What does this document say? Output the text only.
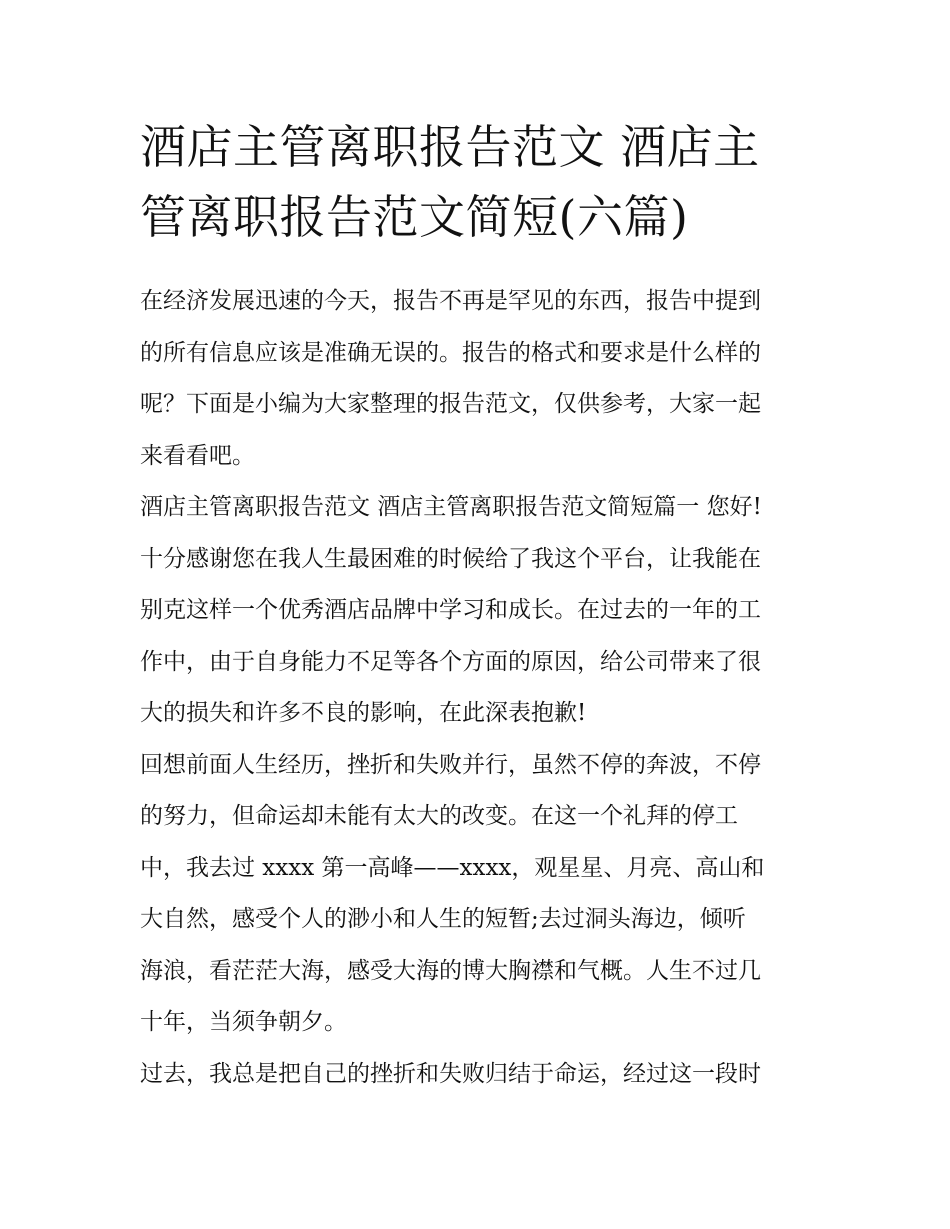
酒店主管离职报告范文 酒店主
管离职报告范文简短(六篇)
在经济发展迅速的今天，报告不再是罕见的东西，报告中提到
的所有信息应该是准确无误的。报告的格式和要求是什么样的
呢？下面是小编为大家整理的报告范文，仅供参考，大家一起
来看看吧。
酒店主管离职报告范文 酒店主管离职报告范文简短篇一 您好!
十分感谢您在我人生最困难的时候给了我这个平台，让我能在
别克这样一个优秀酒店品牌中学习和成长。在过去的一年的工
作中，由于自身能力不足等各个方面的原因，给公司带来了很
大的损失和许多不良的影响，在此深表抱歉!
回想前面人生经历，挫折和失败并行，虽然不停的奔波，不停
的努力，但命运却未能有太大的改变。在这一个礼拜的停工
中，我去过 xxxx 第一高峰——xxxx，观星星、月亮、高山和
大自然，感受个人的渺小和人生的短暂;去过洞头海边，倾听
海浪，看茫茫大海，感受大海的博大胸襟和气概。人生不过几
十年，当须争朝夕。
过去，我总是把自己的挫折和失败归结于命运，经过这一段时
